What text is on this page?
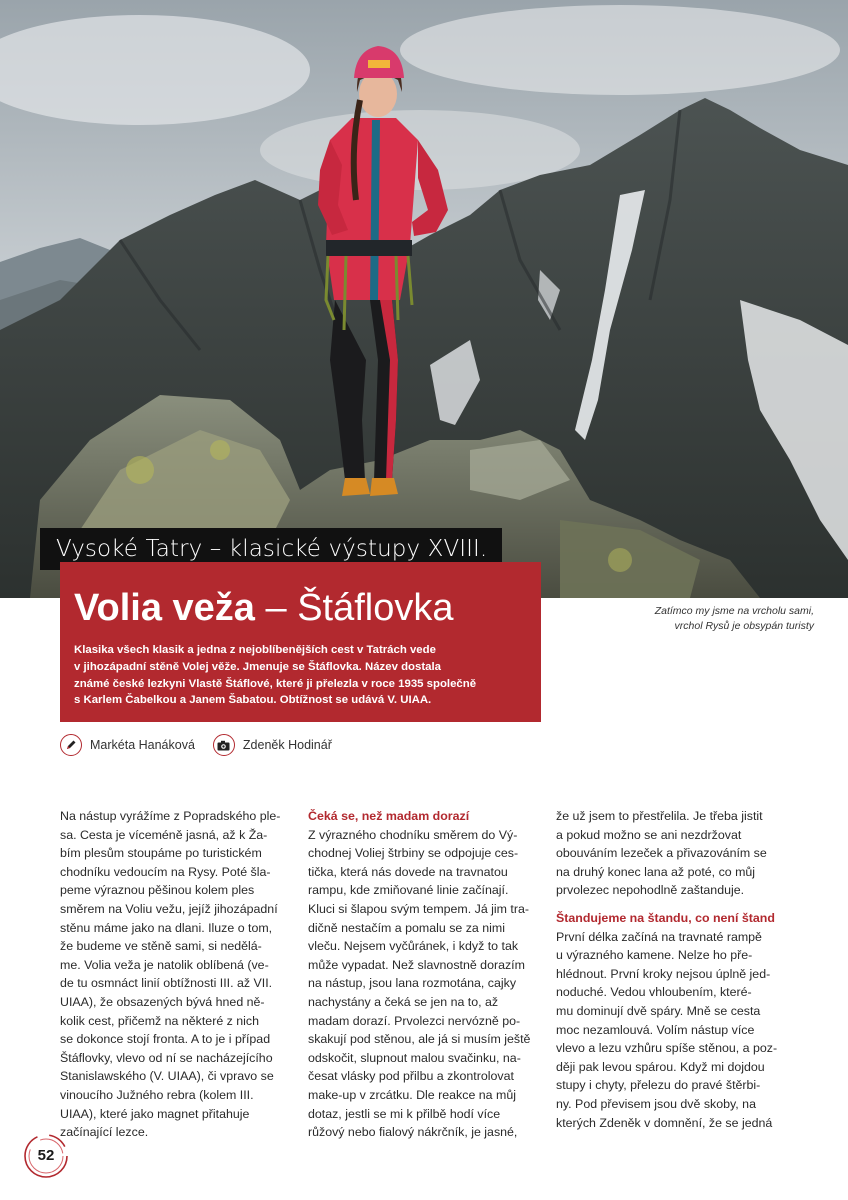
Zatímco my jsme na vrcholu sami,
vrchol Rysů je obsypán turisty
Vysoké Tatry – klasické výstupy XVIII.
Volia veža – Štáflovka
Klasika všech klasik a jedna z nejoblíbenějších cest v Tatrách vede
v jihozápadní stěně Volej věže. Jmenuje se Štáflovka. Název dostala
známé české lezkyni Vlastě Štáflové, které ji přelezla v roce 1935 společně
s Karlem Čabelkou a Janem Šabatou. Obtížnost se udává V. UIAA.
Markéta Hanáková	Zdeněk Hodinář
Na nástup vyrážíme z Popradského ple-
sa. Cesta je víceméně jasná, až k Ža-
bím plesům stoupáme po turistickém
chodníku vedoucím na Rysy. Poté šla-
peme výraznou pěšinou kolem ples
směrem na Voliu vežu, jejíž jihozápadní
stěnu máme jako na dlani. Iluze o tom,
že budeme ve stěně sami, si nedělá-
me. Volia veža je natolik oblíbená (ve-
de tu osmnáct linií obtížnosti III. až VII.
UIAA), že obsazených bývá hned ně-
kolik cest, přičemž na některé z nich
se dokonce stojí fronta. A to je i případ
Štáflovky, vlevo od ní se nacházejícího
Stanislawského (V. UIAA), či vpravo se
vinoucího Južného rebra (kolem III.
UIAA), které jako magnet přitahuje
začínající lezce.
Čeká se, než madam dorazí
Z výrazného chodníku směrem do Vý-
chodnej Voliej štrbiny se odpojuje ces-
tička, která nás dovede na travnatou
rampu, kde zmiňované linie začínají.
Kluci si šlapou svým tempem. Já jim tra-
dičně nestačím a pomalu se za nimi
vleču. Nejsem vyčůránek, i když to tak
může vypadat. Než slavnostně dorazím
na nástup, jsou lana rozmotána, cajky
nachystány a čeká se jen na to, až
madam dorazí. Prvolezci nervózně po-
skakují pod stěnou, ale já si musím ještě
odskočit, slupnout malou svačinku, na-
česat vlásky pod přilbu a zkontrolovat
make-up v zrcátku. Dle reakce na můj
dotaz, jestli se mi k přilbě hodí více
růžový nebo fialový nákrčník, je jasné,
že už jsem to přestřelila. Je třeba jistit
a pokud možno se ani nezdržovat
obouváním lezeček a přivazováním se
na druhý konec lana až poté, co můj
prvolezec nepohodlně zaštanduje.
Štandujeme na štandu, co není štand
První délka začíná na travnaté rampě
u výrazného kamene. Nelze ho pře-
hlédnout. První kroky nejsou úplně jed-
noduché. Vedou vhloubením, které-
mu dominují dvě spáry. Mně se cesta
moc nezamlouvá. Volím nástup více
vlevo a lezu vzhůru spíše stěnou, a poz-
ději pak levou spárou. Když mi dojdou
stupy i chyty, přelezu do pravé štěrbi-
ny. Pod převisem jsou dvě skoby, na
kterých Zdeněk v domnění, že se jedná
52
